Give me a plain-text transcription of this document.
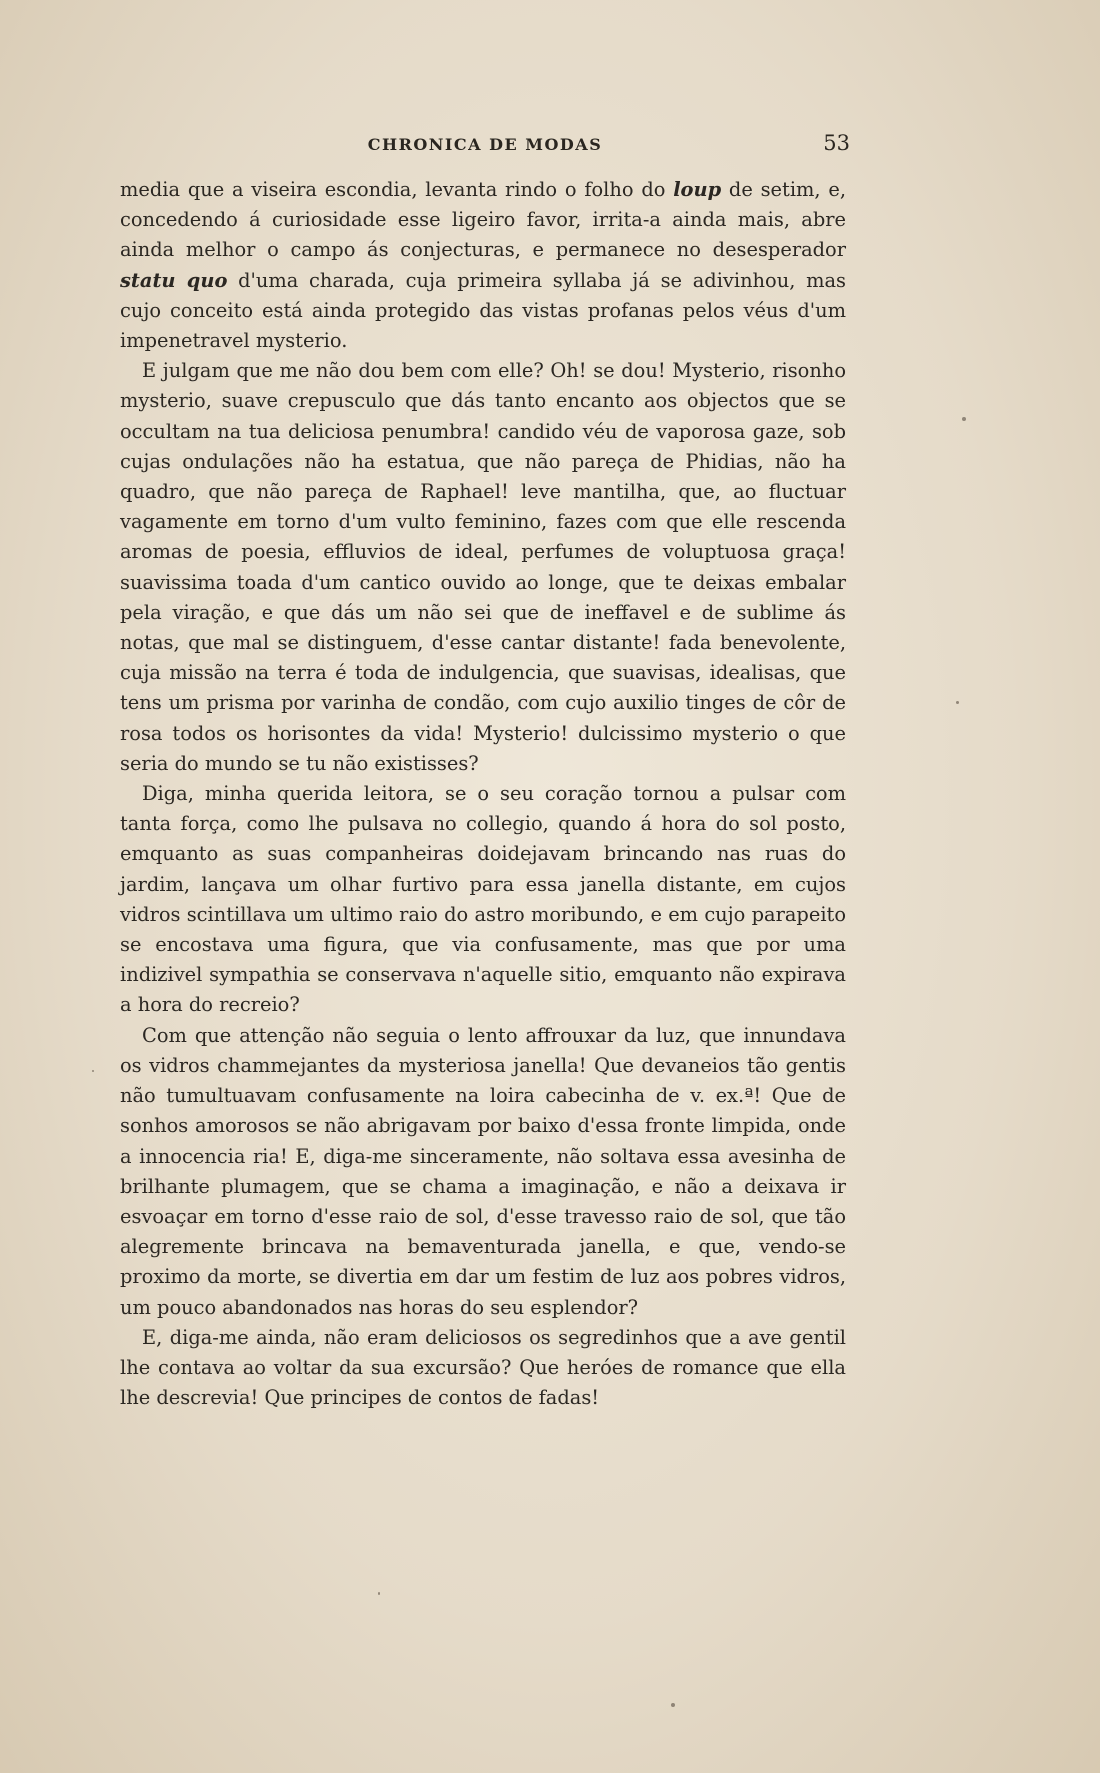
CHRONICA DE MODAS	53

media que a viseira escondia, levanta rindo o folho do loup de setim, e, concedendo á curiosidade esse ligeiro favor, irrita-a ainda mais, abre ainda melhor o campo ás conjecturas, e permanece no desesperador statu quo d'uma charada, cuja primeira syllaba já se adivinhou, mas cujo conceito está ainda protegido das vistas profanas pelos véus d'um impenetravel mysterio.

E julgam que me não dou bem com elle? Oh! se dou! Mysterio, risonho mysterio, suave crepusculo que dás tanto encanto aos objectos que se occultam na tua deliciosa penumbra! candido véu de vaporosa gaze, sob cujas ondulações não ha estatua, que não pareça de Phidias, não ha quadro, que não pareça de Raphael! leve mantilha, que, ao fluctuar vagamente em torno d'um vulto feminino, fazes com que elle rescenda aromas de poesia, effluvios de ideal, perfumes de voluptuosa graça! suavissima toada d'um cantico ouvido ao longe, que te deixas embalar pela viração, e que dás um não sei que de ineffavel e de sublime ás notas, que mal se distinguem, d'esse cantar distante! fada benevolente, cuja missão na terra é toda de indulgencia, que suavisas, idealisas, que tens um prisma por varinha de condão, com cujo auxilio tinges de côr de rosa todos os horisontes da vida! Mysterio! dulcissimo mysterio o que seria do mundo se tu não existisses?

Diga, minha querida leitora, se o seu coração tornou a pulsar com tanta força, como lhe pulsava no collegio, quando á hora do sol posto, emquanto as suas companheiras doidejavam brincando nas ruas do jardim, lançava um olhar furtivo para essa janella distante, em cujos vidros scintillava um ultimo raio do astro moribundo, e em cujo parapeito se encostava uma figura, que via confusamente, mas que por uma indizivel sympathia se conservava n'aquelle sitio, emquanto não expirava a hora do recreio?

Com que attenção não seguia o lento affrouxar da luz, que innundava os vidros chammejantes da mysteriosa janella! Que devaneios tão gentis não tumultuavam confusamente na loira cabecinha de v. ex.ª! Que de sonhos amorosos se não abrigavam por baixo d'essa fronte limpida, onde a innocencia ria! E, diga-me sinceramente, não soltava essa avesinha de brilhante plumagem, que se chama a imaginação, e não a deixava ir esvoaçar em torno d'esse raio de sol, d'esse travesso raio de sol, que tão alegremente brincava na bemaventurada janella, e que, vendo-se proximo da morte, se divertia em dar um festim de luz aos pobres vidros, um pouco abandonados nas horas do seu esplendor?

E, diga-me ainda, não eram deliciosos os segredinhos que a ave gentil lhe contava ao voltar da sua excursão? Que heróes de romance que ella lhe descrevia! Que principes de contos de fadas!
